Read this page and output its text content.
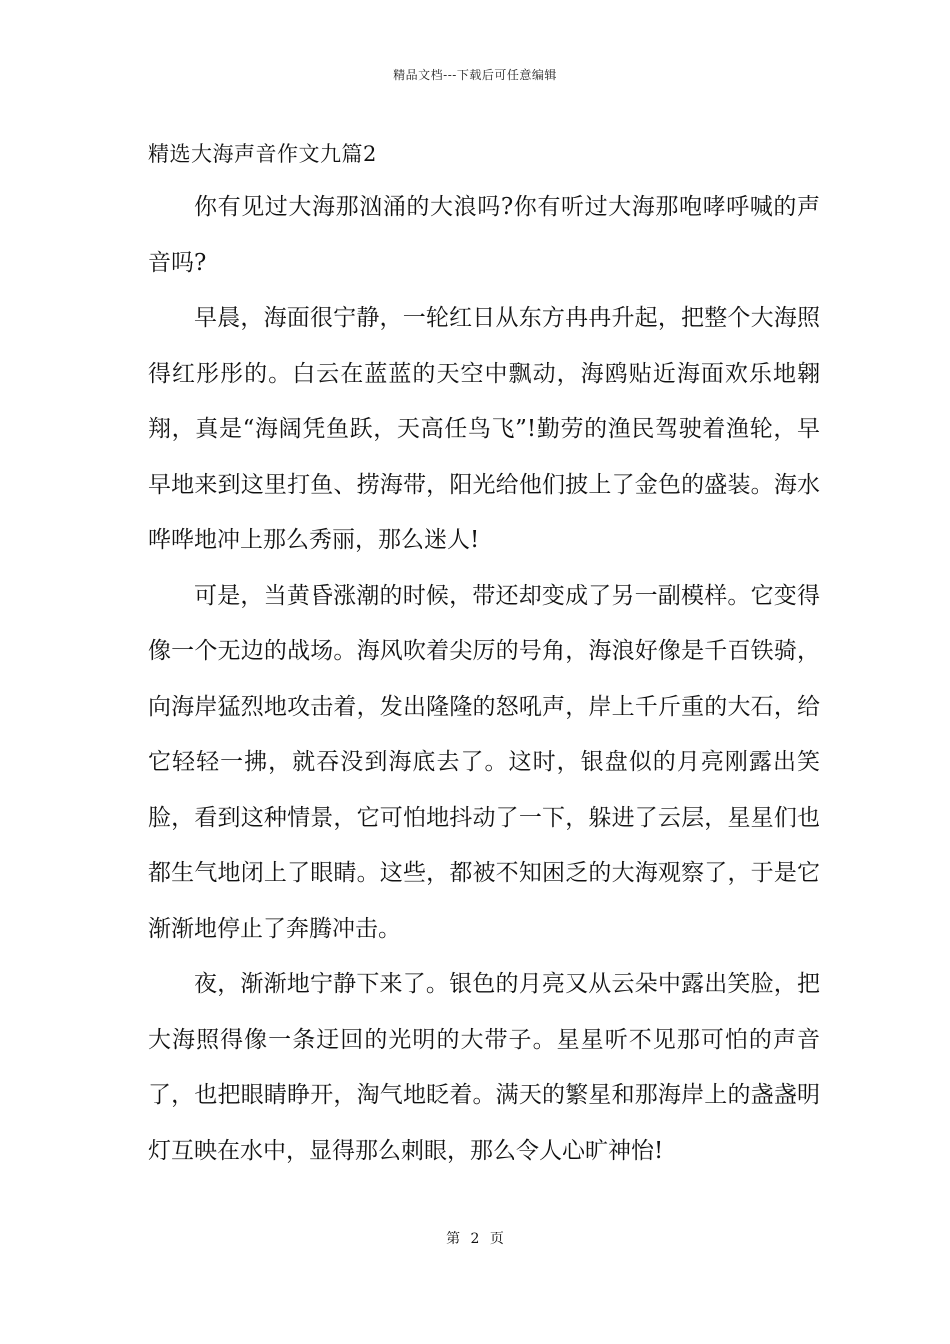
精品文档---下载后可任意编辑
精选大海声音作文九篇2

你有见过大海那汹涌的大浪吗?你有听过大海那咆哮呼喊的声音吗?

早晨，海面很宁静，一轮红日从东方冉冉升起，把整个大海照得红彤彤的。白云在蓝蓝的天空中飘动，海鸥贴近海面欢乐地翱翔，真是“海阔凭鱼跃，天高任鸟飞”!勤劳的渔民驾驶着渔轮，早早地来到这里打鱼、捞海带，阳光给他们披上了金色的盛装。海水哗哗地冲上那么秀丽，那么迷人!

可是，当黄昏涨潮的时候，带还却变成了另一副模样。它变得像一个无边的战场。海风吹着尖厉的号角，海浪好像是千百铁骑，向海岸猛烈地攻击着，发出隆隆的怒吼声，岸上千斤重的大石，给它轻轻一拂，就吞没到海底去了。这时，银盘似的月亮刚露出笑脸，看到这种情景，它可怕地抖动了一下，躲进了云层，星星们也都生气地闭上了眼睛。这些，都被不知困乏的大海观察了，于是它渐渐地停止了奔腾冲击。

夜，渐渐地宁静下来了。银色的月亮又从云朵中露出笑脸，把大海照得像一条迂回的光明的大带子。星星听不见那可怕的声音了，也把眼睛睁开，淘气地眨着。满天的繁星和那海岸上的盏盏明灯互映在水中，显得那么刺眼，那么令人心旷神怡!

第 2 页
